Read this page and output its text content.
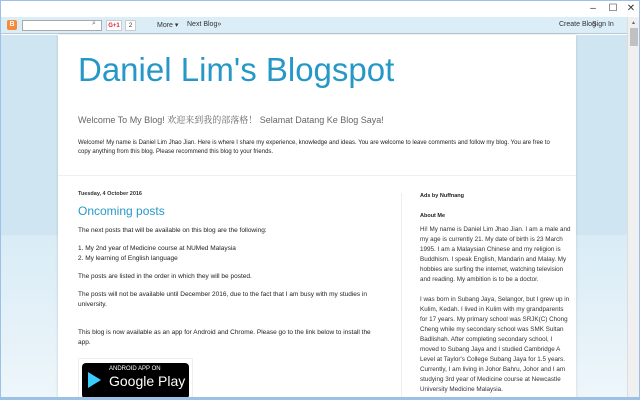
–	☐ ✕
B	⌕	G+1	2	More ▾ Next Blog»	Create Blog
Sign In
Daniel Lim's Blogspot
Welcome To My Blog! 欢迎来到我的部落格！ Selamat Datang Ke Blog Saya!
Welcome! My name is Daniel Lim Jhao Jian. Here is where I share my experience, knowledge and ideas. You are welcome to leave comments and follow my blog. You are free to copy anything from this blog. Please recommend this blog to your friends.
Tuesday, 4 October 2016
Oncoming posts
The next posts that will be available on this blog are the following:
1. My 2nd year of Medicine course at NUMed Malaysia
2. My learning of English language
The posts are listed in the order in which they will be posted.
The posts will not be available until December 2016, due to the fact that I am busy with my studies in university.
This blog is now available as an app for Android and Chrome. Please go to the link below to install the app.
ANDROID APP ON
Google Play
Ads by Nuffnang
About Me
Hi! My name is Daniel Lim Jhao Jian. I am a male and my age is currently 21. My date of birth is 23 March 1995. I am a Malaysian Chinese and my religion is Buddhism. I speak English, Mandarin and Malay. My hobbies are surfing the internet, watching television and reading. My ambition is to be a doctor.
I was born in Subang Jaya, Selangor, but I grew up in Kulim, Kedah. I lived in Kulim with my grandparents for 17 years. My primary school was SRJK(C) Chong Cheng while my secondary school was SMK Sultan Badlishah. After completing secondary school, I moved to Subang Jaya and I studied Cambridge A Level at Taylor's College Subang Jaya for 1.5 years. Currently, I am living in Johor Bahru, Johor and I am studying 3rd year of Medicine course at Newcastle University Medicine Malaysia.
▲
